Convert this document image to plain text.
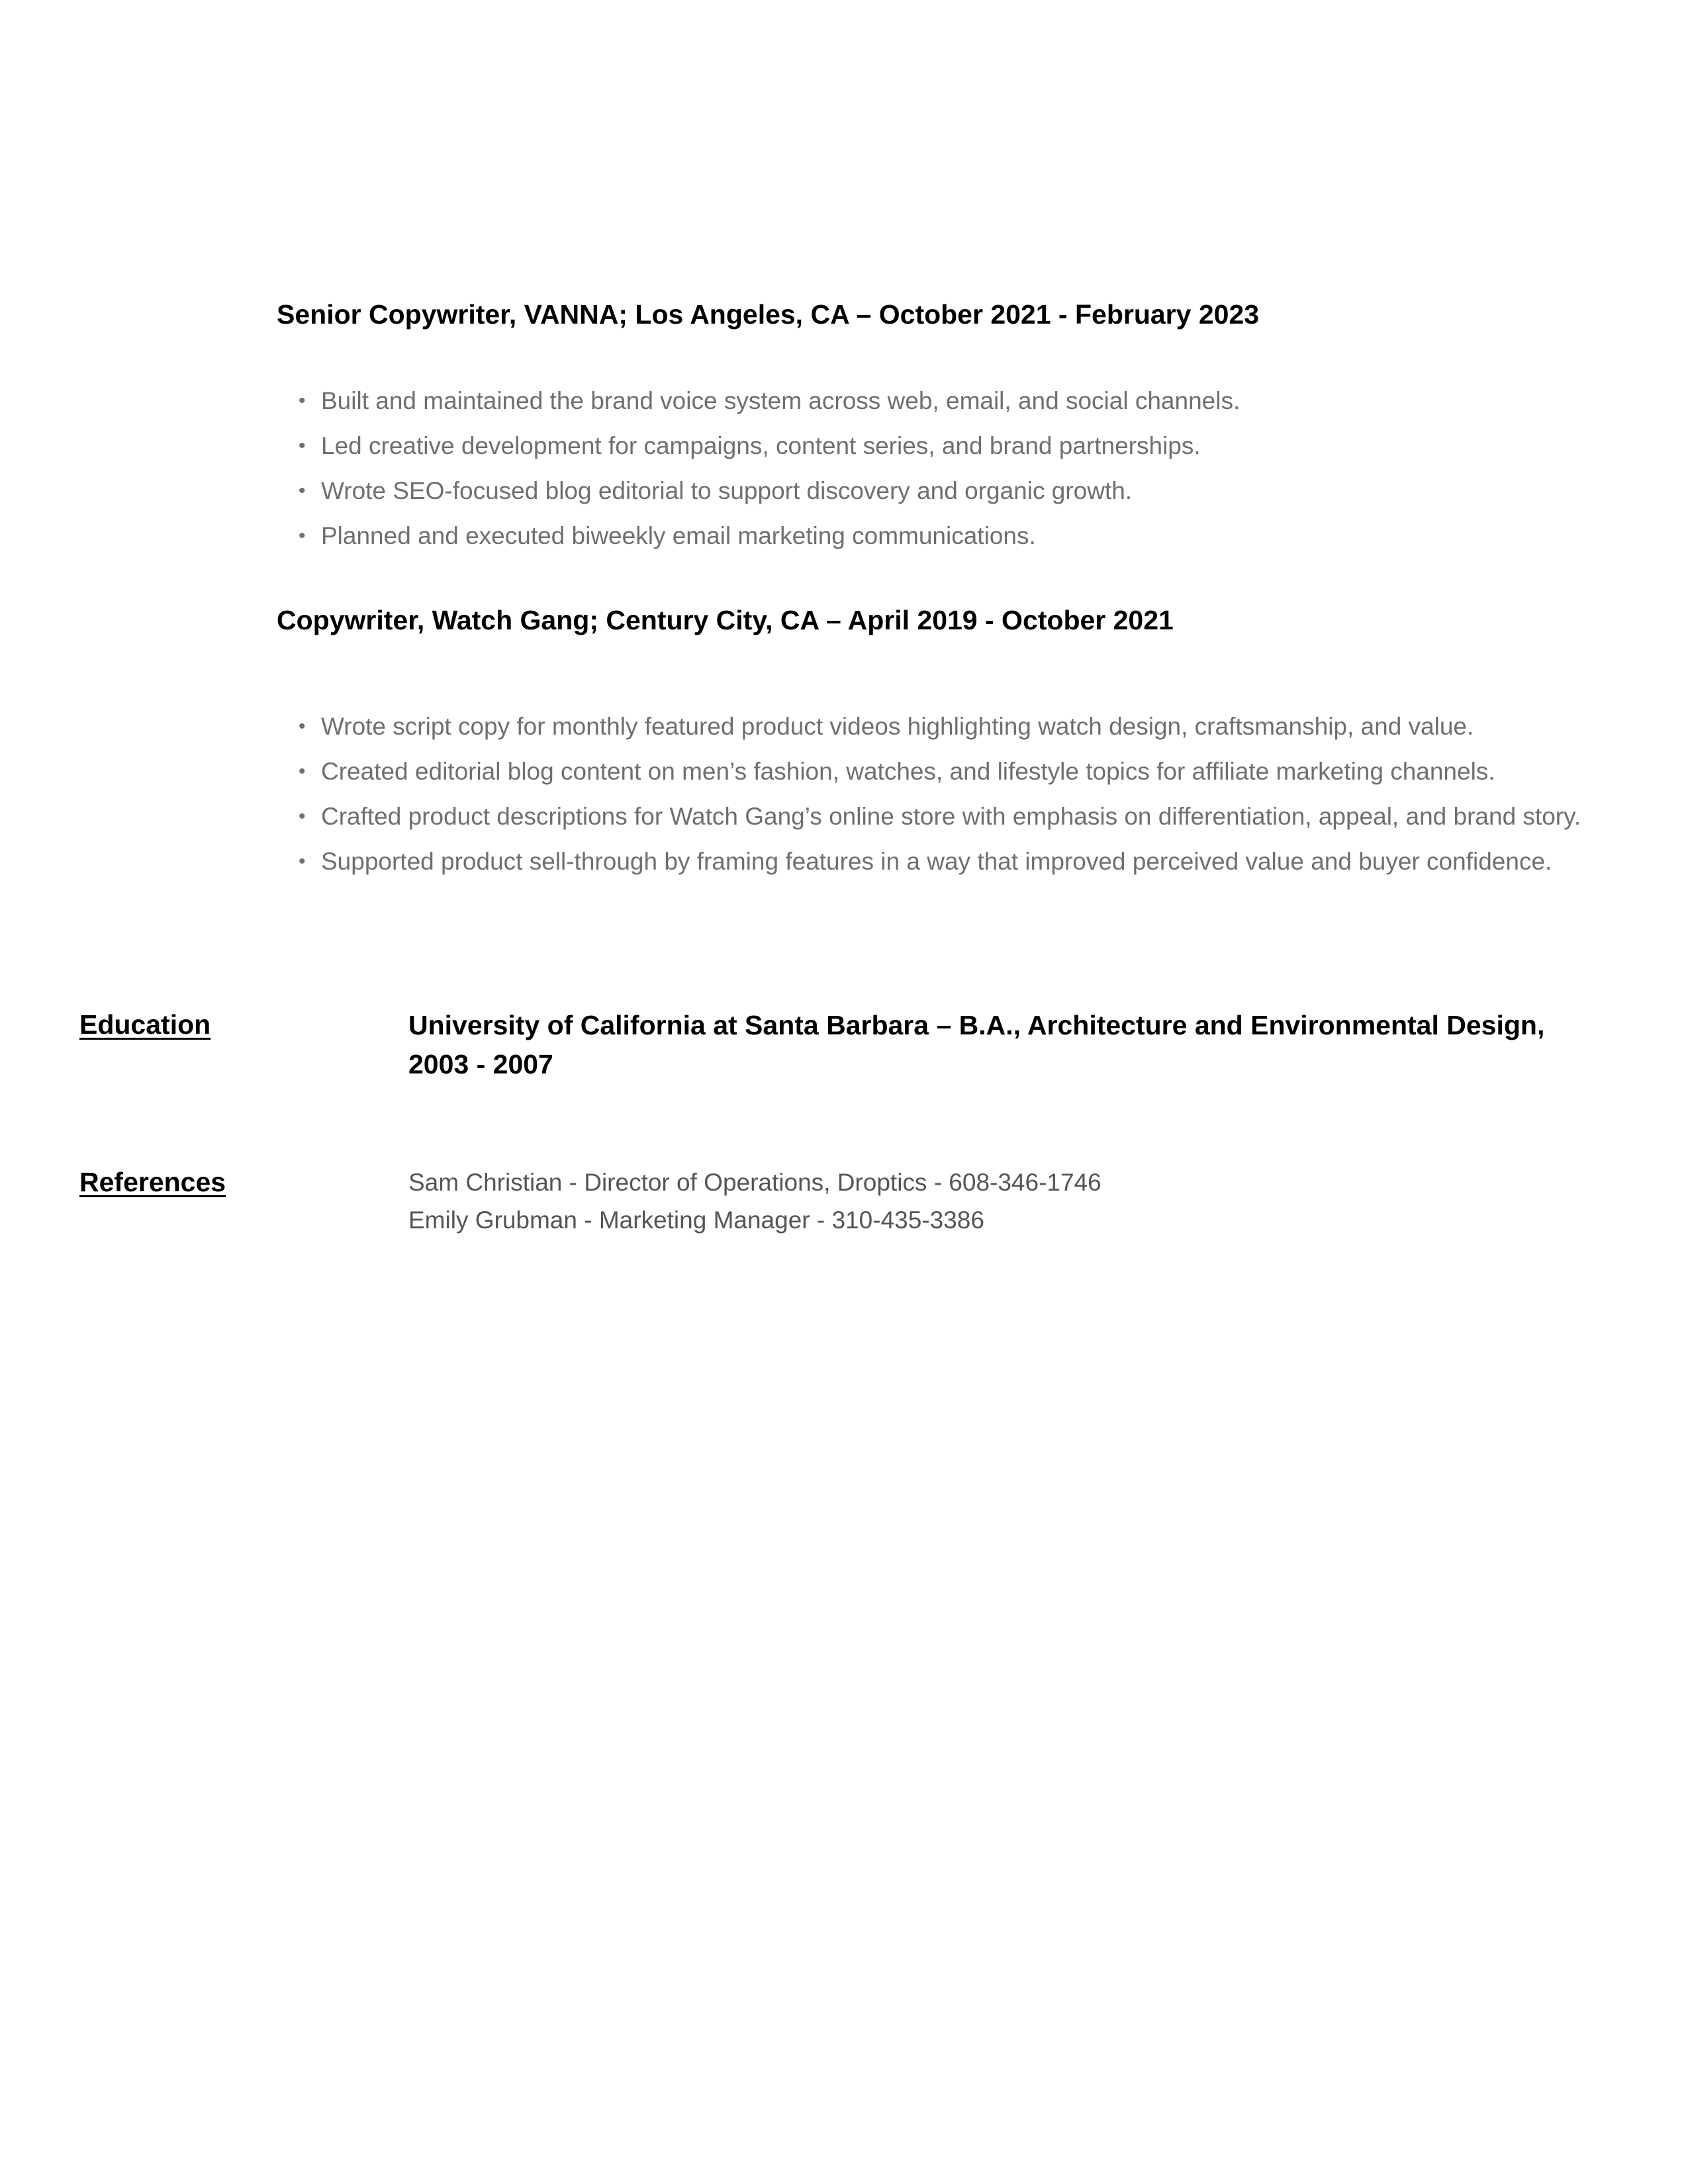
Senior Copywriter, VANNA; Los Angeles, CA – October 2021 - February 2023
• Built and maintained the brand voice system across web, email, and social channels.
• Led creative development for campaigns, content series, and brand partnerships.
• Wrote SEO-focused blog editorial to support discovery and organic growth.
• Planned and executed biweekly email marketing communications.
Copywriter, Watch Gang; Century City, CA – April 2019 - October 2021
• Wrote script copy for monthly featured product videos highlighting watch design, craftsmanship, and value.
• Created editorial blog content on men’s fashion, watches, and lifestyle topics for affiliate marketing channels.
• Crafted product descriptions for Watch Gang’s online store with emphasis on differentiation, appeal, and brand story.
• Supported product sell-through by framing features in a way that improved perceived value and buyer confidence.
Education	University of California at Santa Barbara – B.A., Architecture and Environmental Design, 2003 - 2007
References	Sam Christian - Director of Operations, Droptics - 608-346-1746
Emily Grubman - Marketing Manager - 310-435-3386
